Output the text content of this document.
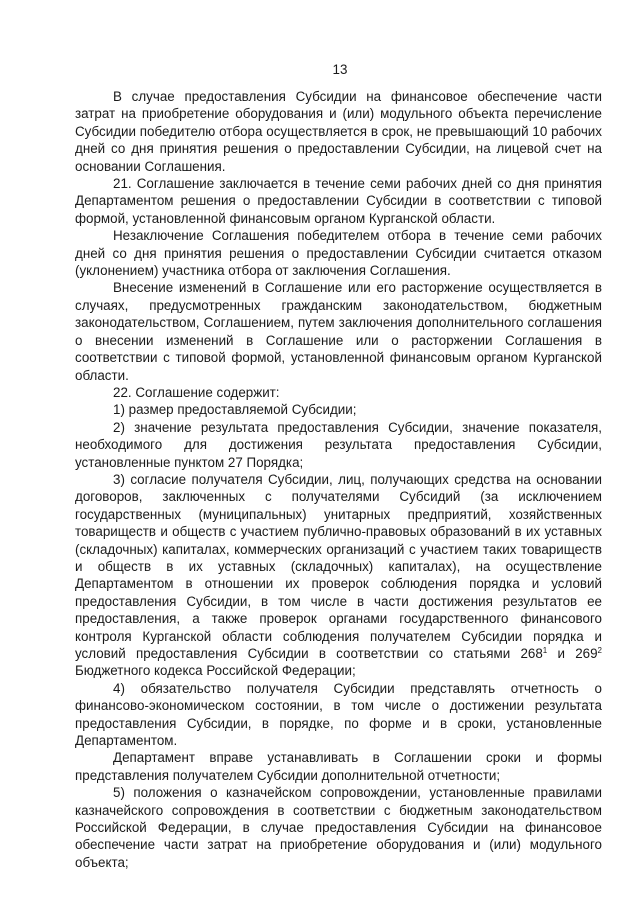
13

В случае предоставления Субсидии на финансовое обеспечение части затрат на приобретение оборудования и (или) модульного объекта перечисление Субсидии победителю отбора осуществляется в срок, не превышающий 10 рабочих дней со дня принятия решения о предоставлении Субсидии, на лицевой счет на основании Соглашения.

21. Соглашение заключается в течение семи рабочих дней со дня принятия Департаментом решения о предоставлении Субсидии в соответствии с типовой формой, установленной финансовым органом Курганской области.

Незаключение Соглашения победителем отбора в течение семи рабочих дней со дня принятия решения о предоставлении Субсидии считается отказом (уклонением) участника отбора от заключения Соглашения.

Внесение изменений в Соглашение или его расторжение осуществляется в случаях, предусмотренных гражданским законодательством, бюджетным законодательством, Соглашением, путем заключения дополнительного соглашения о внесении изменений в Соглашение или о расторжении Соглашения в соответствии с типовой формой, установленной финансовым органом Курганской области.

22. Соглашение содержит:

1) размер предоставляемой Субсидии;

2) значение результата предоставления Субсидии, значение показателя, необходимого для достижения результата предоставления Субсидии, установленные пунктом 27 Порядка;

3) согласие получателя Субсидии, лиц, получающих средства на основании договоров, заключенных с получателями Субсидий (за исключением государственных (муниципальных) унитарных предприятий, хозяйственных товариществ и обществ с участием публично-правовых образований в их уставных (складочных) капиталах, коммерческих организаций с участием таких товариществ и обществ в их уставных (складочных) капиталах), на осуществление Департаментом в отношении их проверок соблюдения порядка и условий предоставления Субсидии, в том числе в части достижения результатов ее предоставления, а также проверок органами государственного финансового контроля Курганской области соблюдения получателем Субсидии порядка и условий предоставления Субсидии в соответствии со статьями $268^1$ и $269^2$ Бюджетного кодекса Российской Федерации;

4) обязательство получателя Субсидии представлять отчетность о финансово-экономическом состоянии, в том числе о достижении результата предоставления Субсидии, в порядке, по форме и в сроки, установленные Департаментом.

Департамент вправе устанавливать в Соглашении сроки и формы представления получателем Субсидии дополнительной отчетности;

5) положения о казначейском сопровождении, установленные правилами казначейского сопровождения в соответствии с бюджетным законодательством Российской Федерации, в случае предоставления Субсидии на финансовое обеспечение части затрат на приобретение оборудования и (или) модульного объекта;
